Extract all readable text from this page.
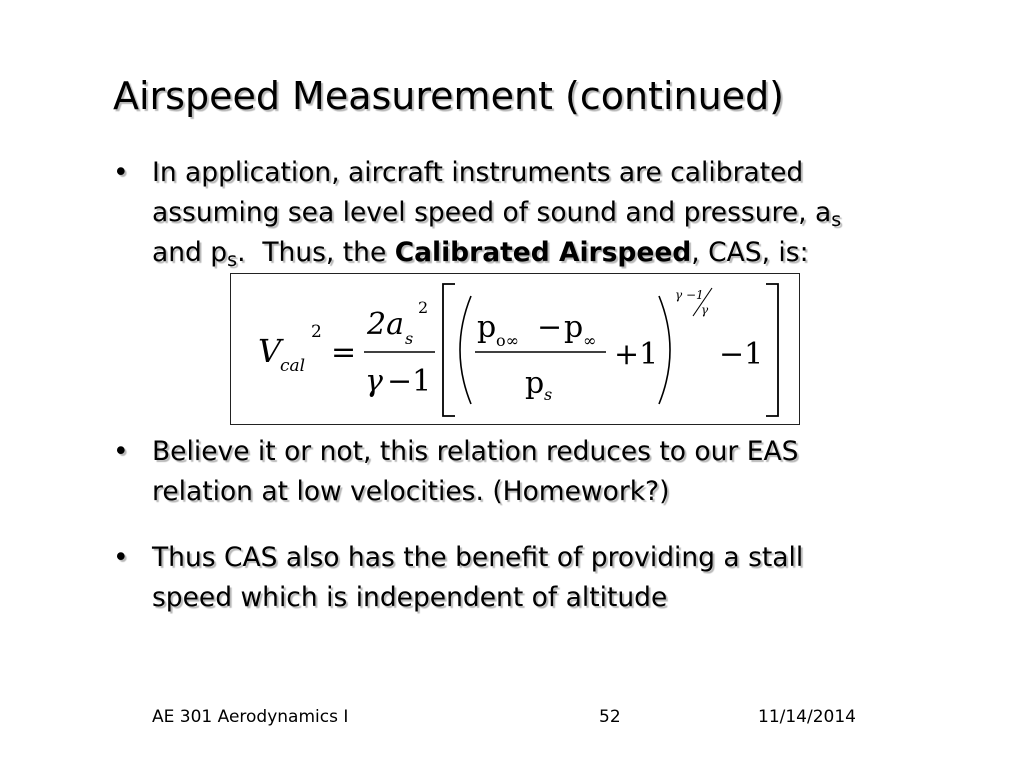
Airspeed Measurement (continued)
• In application, aircraft instruments are calibrated
assuming sea level speed of sound and pressure, $a_s$
and $p_s$.  Thus, the Calibrated Airspeed, CAS, is:
V
cal
2
=
2a s
2
γ −1
p o∞ − p ∞
p s
+1
γ −1
γ
−1
• Believe it or not, this relation reduces to our EAS
relation at low velocities. (Homework?)
• Thus CAS also has the benefit of providing a stall
speed which is independent of altitude
AE 301 Aerodynamics I	52	11/14/2014
